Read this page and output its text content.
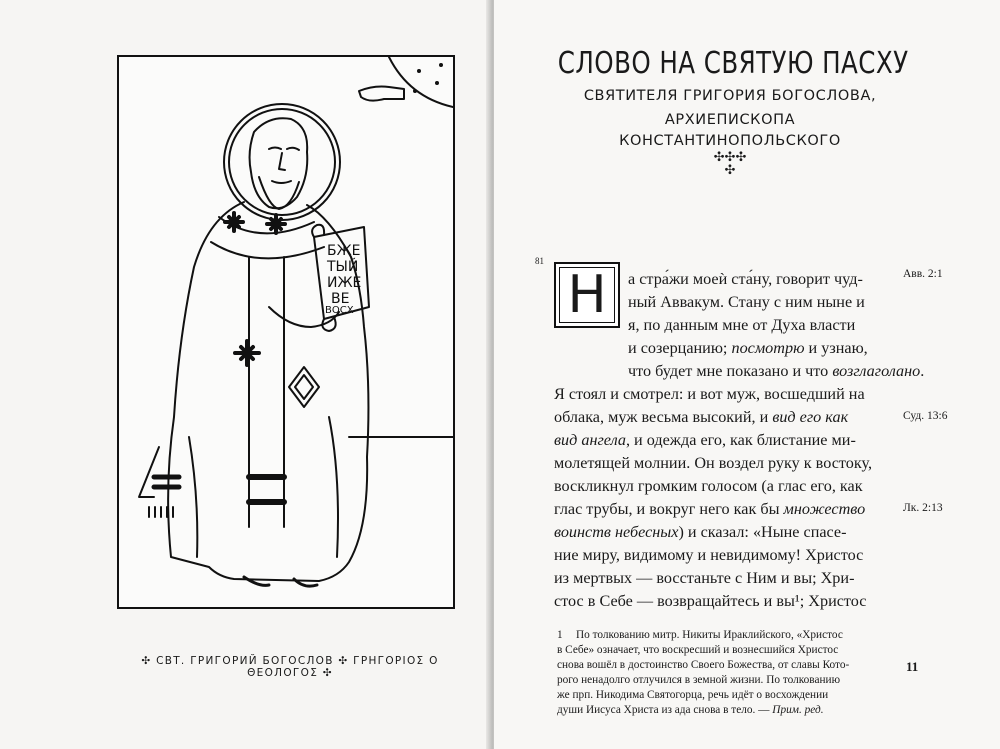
БЖЕ
ТЫЙ
ИЖЕ
ВЕ
ВОСХ
✣ СВТ. ГРИГОРИЙ БОГОСЛОВ ✣ ГРНГОРІОΣ О ΘЕОЛОГОΣ ✣
СЛОВО НА СВЯТУЮ ПАСХУ
СВЯТИТЕЛЯ ГРИГОРИЯ БОГОСЛОВА,
АРХИЕПИСКОПА
КОНСТАНТИНОПОЛЬСКОГО
✣✣✣
✣
81
Н а стра́жи моеѝ ста́ну, говорит чуд-
ный Аввакум. Стану с ним ныне и
я, по данным мне от Духа власти
и созерцанию; посмотрю и узнаю,
что будет мне показано и что возглаголано.
Я стоял и смотрел: и вот муж, восшедший на
облака, муж весьма высокий, и вид его как
вид ангела, и одежда его, как блистание ми-
молетящей молнии. Он воздел руку к востоку,
воскликнул громким голосом (а глас его, как
глас трубы, и вокруг него как бы множество
воинств небесных) и сказал: «Ныне спасе-
ние миру, видимому и невидимому! Христос
из мертвых — восстаньте с Ним и вы; Хри-
стос в Себе — возвращайтесь и вы¹; Христос
Авв. 2:1
Суд. 13:6
Лк. 2:13
1 По толкованию митр. Никиты Ираклийского, «Христос
в Себе» означает, что воскресший и вознесшийся Христос
снова вошёл в достоинство Своего Божества, от славы Кото-
рого ненадолго отлучился в земной жизни. По толкованию
же прп. Никодима Святогорца, речь идёт о восхождении
души Иисуса Христа из ада снова в тело. — Прим. ред.
11
